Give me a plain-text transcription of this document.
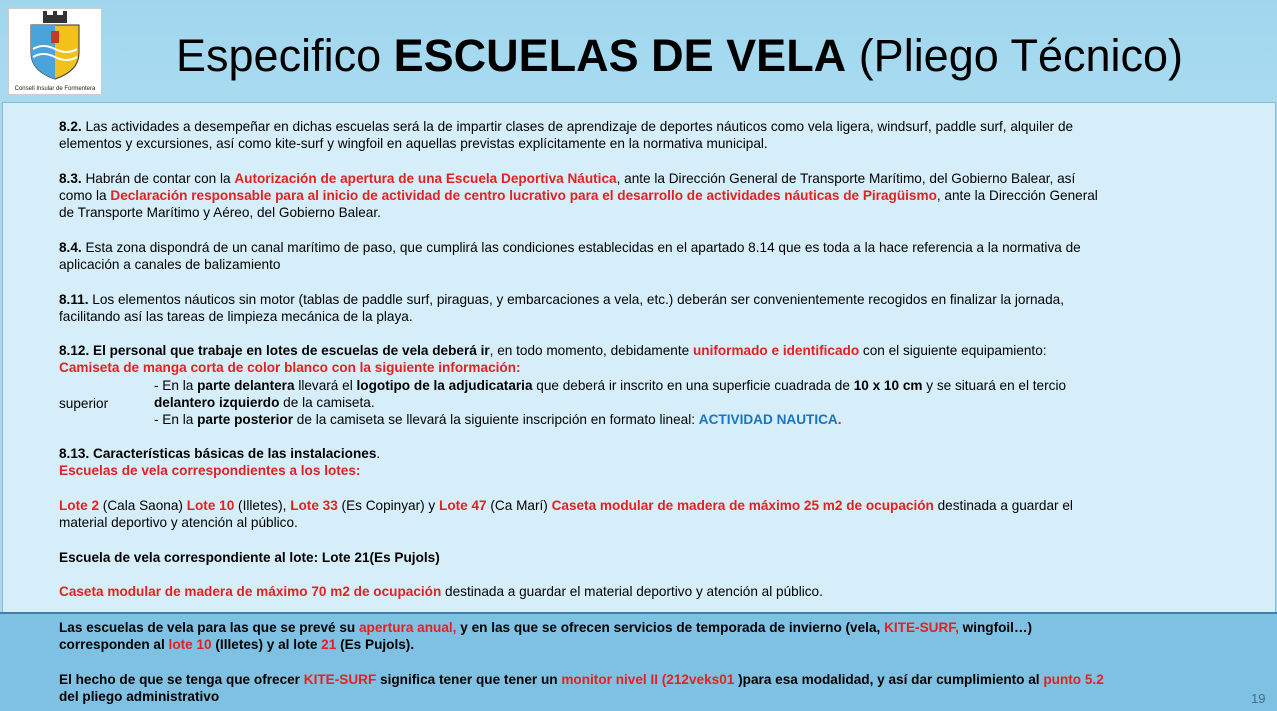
Consell Insular de Formentera
Especifico ESCUELAS DE VELA (Pliego Técnico)
8.2. Las actividades a desempeñar en dichas escuelas será la de impartir clases de aprendizaje de deportes náuticos como vela ligera, windsurf, paddle surf, alquiler de
elementos y excursiones, así como kite-surf y wingfoil en aquellas previstas explícitamente en la normativa municipal.
8.3. Habrán de contar con la Autorización de apertura de una Escuela Deportiva Náutica, ante la Dirección General de Transporte Marítimo, del Gobierno Balear, así
como la Declaración responsable para al inicio de actividad de centro lucrativo para el desarrollo de actividades náuticas de Piragüismo, ante la Dirección General
de Transporte Marítimo y Aéreo, del Gobierno Balear.
8.4. Esta zona dispondrá de un canal marítimo de paso, que cumplirá las condiciones establecidas en el apartado 8.14 que es toda a la hace referencia a la normativa de
aplicación a canales de balizamiento
8.11. Los elementos náuticos sin motor (tablas de paddle surf, piraguas, y embarcaciones a vela, etc.) deberán ser convenientemente recogidos en finalizar la jornada,
facilitando así las tareas de limpieza mecánica de la playa.
8.12. El personal que trabaje en lotes de escuelas de vela deberá ir, en todo momento, debidamente uniformado e identificado con el siguiente equipamiento:
Camiseta de manga corta de color blanco con la siguiente información:
- En la parte delantera llevará el logotipo de la adjudicataria que deberá ir inscrito en una superficie cuadrada de 10 x 10 cm y se situará en el tercio
superior	delantero izquierdo de la camiseta.
- En la parte posterior de la camiseta se llevará la siguiente inscripción en formato lineal: ACTIVIDAD NAUTICA.
8.13. Características básicas de las instalaciones.
Escuelas de vela correspondientes a los lotes:
Lote 2 (Cala Saona) Lote 10 (Illetes), Lote 33 (Es Copinyar) y Lote 47 (Ca Marí) Caseta modular de madera de máximo 25 m2 de ocupación destinada a guardar el
material deportivo y atención al público.
Escuela de vela correspondiente al lote: Lote 21(Es Pujols)
Caseta modular de madera de máximo 70 m2 de ocupación destinada a guardar el material deportivo y atención al público.
Las escuelas de vela para las que se prevé su apertura anual, y en las que se ofrecen servicios de temporada de invierno (vela, KITE-SURF, wingfoil…)
corresponden al lote 10 (Illetes) y al lote 21 (Es Pujols).
El hecho de que se tenga que ofrecer KITE-SURF significa tener que tener un monitor nivel II (212veks01 )para esa modalidad, y así dar cumplimiento al punto 5.2
del pliego administrativo	19
